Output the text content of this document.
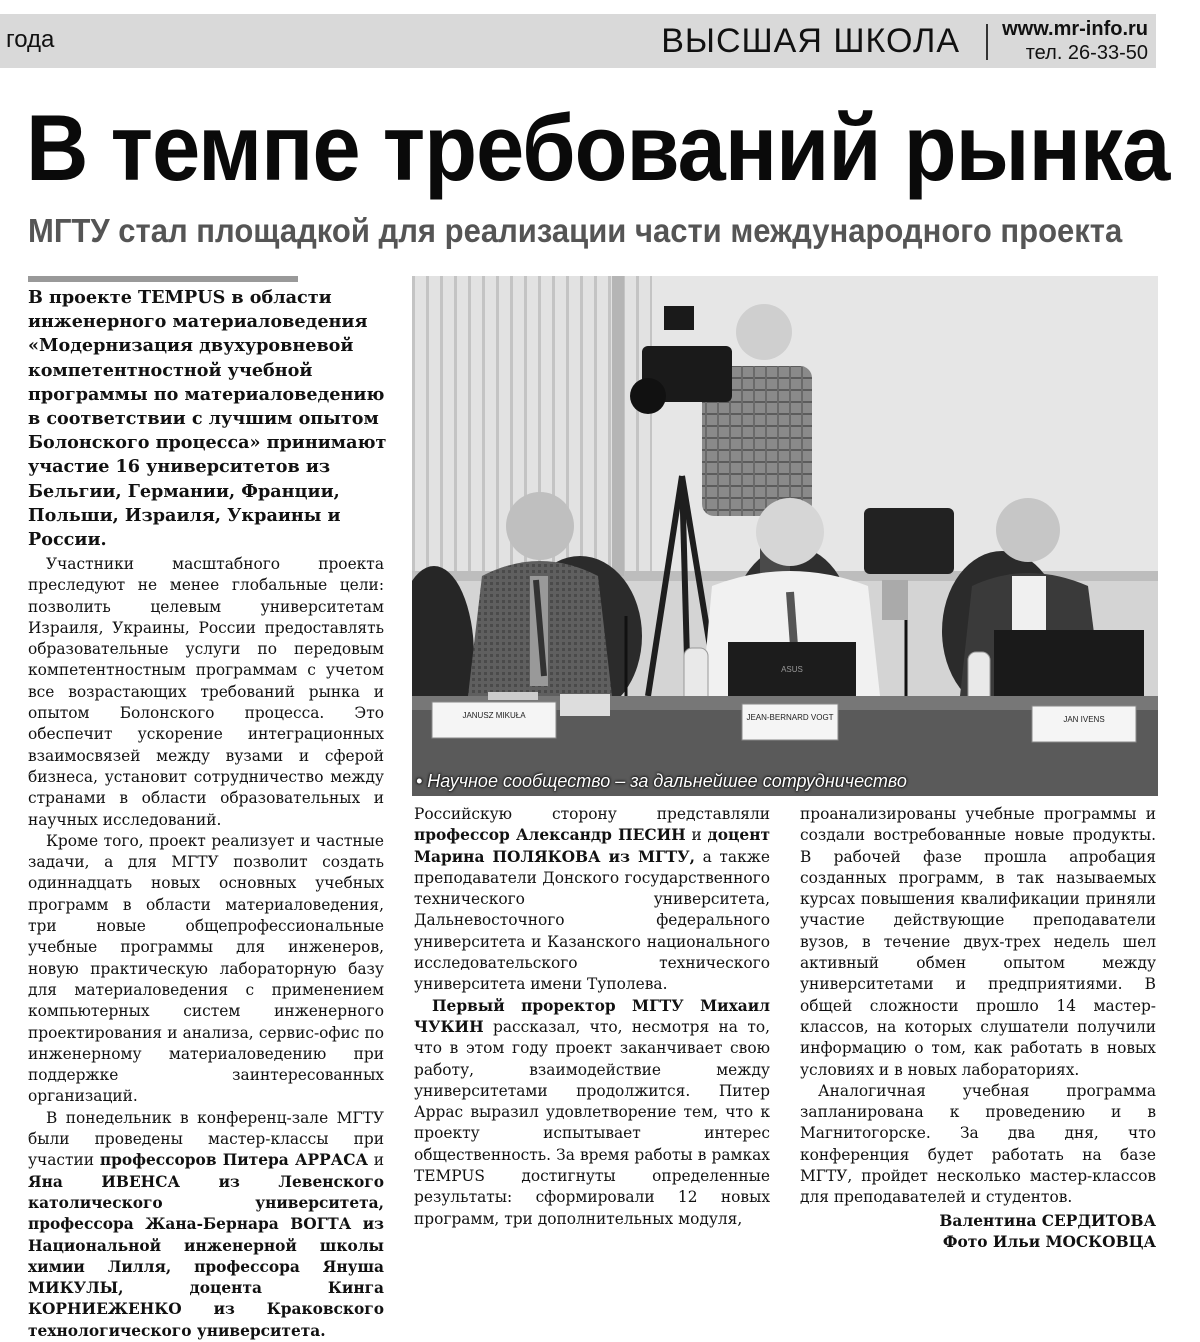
года	ВЫСШАЯ ШКОЛА www.mr-info.ru
тел. 26-33-50
В темпе требований рынка
МГТУ стал площадкой для реализации части международного проекта
В проекте TEMPUS в области инженерного материаловедения «Модернизация двухуровневой компетентностной учебной программы по материаловедению в соответствии с лучшим опытом Болонского процесса» принимают участие 16 университетов из Бельгии, Германии, Франции, Польши, Израиля, Украины и России.
ASUS
JANUSZ MIKUŁA	JEAN-BERNARD VOGT	JAN IVENS
• Научное сообщество – за дальнейшее сотрудничество

Участники масштабного проекта преследуют не менее глобальные цели: позволить целевым университетам Израиля, Украины, России предоставлять образовательные услуги по передовым компетентностным программам с учетом все возрастающих требований рынка и опытом Болонского процесса. Это обеспечит ускорение интеграционных взаимосвязей между вузами и сферой бизнеса, установит сотрудничество между странами в области образовательных и научных исследований.

Кроме того, проект реализует и частные задачи, а для МГТУ позволит создать одиннадцать новых основных учебных программ в области материаловедения, три новые общепрофессиональные учебные программы для инженеров, новую практическую лабораторную базу для материаловедения с применением компьютерных систем инженерного проектирования и анализа, сервис-офис по инженерному материаловедению при поддержке заинтересованных организаций.

В понедельник в конференц-зале МГТУ были проведены мастер-классы при участии профессоров Питера АРРАСА и Яна ИВЕНСА из Левенского католического университета, профессора Жана-Бернара ВОГТА из Национальной инженерной школы химии Лилля, профессора Януша МИКУЛЫ, доцента Кинга КОРНИЕЖЕНКО из Краковского технологического университета.

Российскую сторону представляли профессор Александр ПЕСИН и доцент Марина ПОЛЯКОВА из МГТУ, а также преподаватели Донского государственного технического университета, Дальневосточного федерального университета и Казанского национального исследовательского технического университета имени Туполева.

Первый проректор МГТУ Михаил ЧУКИН рассказал, что, несмотря на то, что в этом году проект заканчивает свою работу, взаимодействие между университетами продолжится. Питер Аррас выразил удовлетворение тем, что к проекту испытывает интерес общественность. За время работы в рамках TEMPUS достигнуты определенные результаты: сформировали 12 новых программ, три дополнительных модуля,

проанализированы учебные программы и создали востребованные новые продукты. В рабочей фазе прошла апробация созданных программ, в так называемых курсах повышения квалификации приняли участие действующие преподаватели вузов, в течение двух-трех недель шел активный обмен опытом между университетами и предприятиями. В общей сложности прошло 14 мастер-классов, на которых слушатели получили информацию о том, как работать в новых условиях и в новых лабораториях.

Аналогичная учебная программа запланирована к проведению и в Магнитогорске. За два дня, что конференция будет работать на базе МГТУ, пройдет несколько мастер-классов для преподавателей и студентов.

Валентина СЕРДИТОВА
Фото Ильи МОСКОВЦА
